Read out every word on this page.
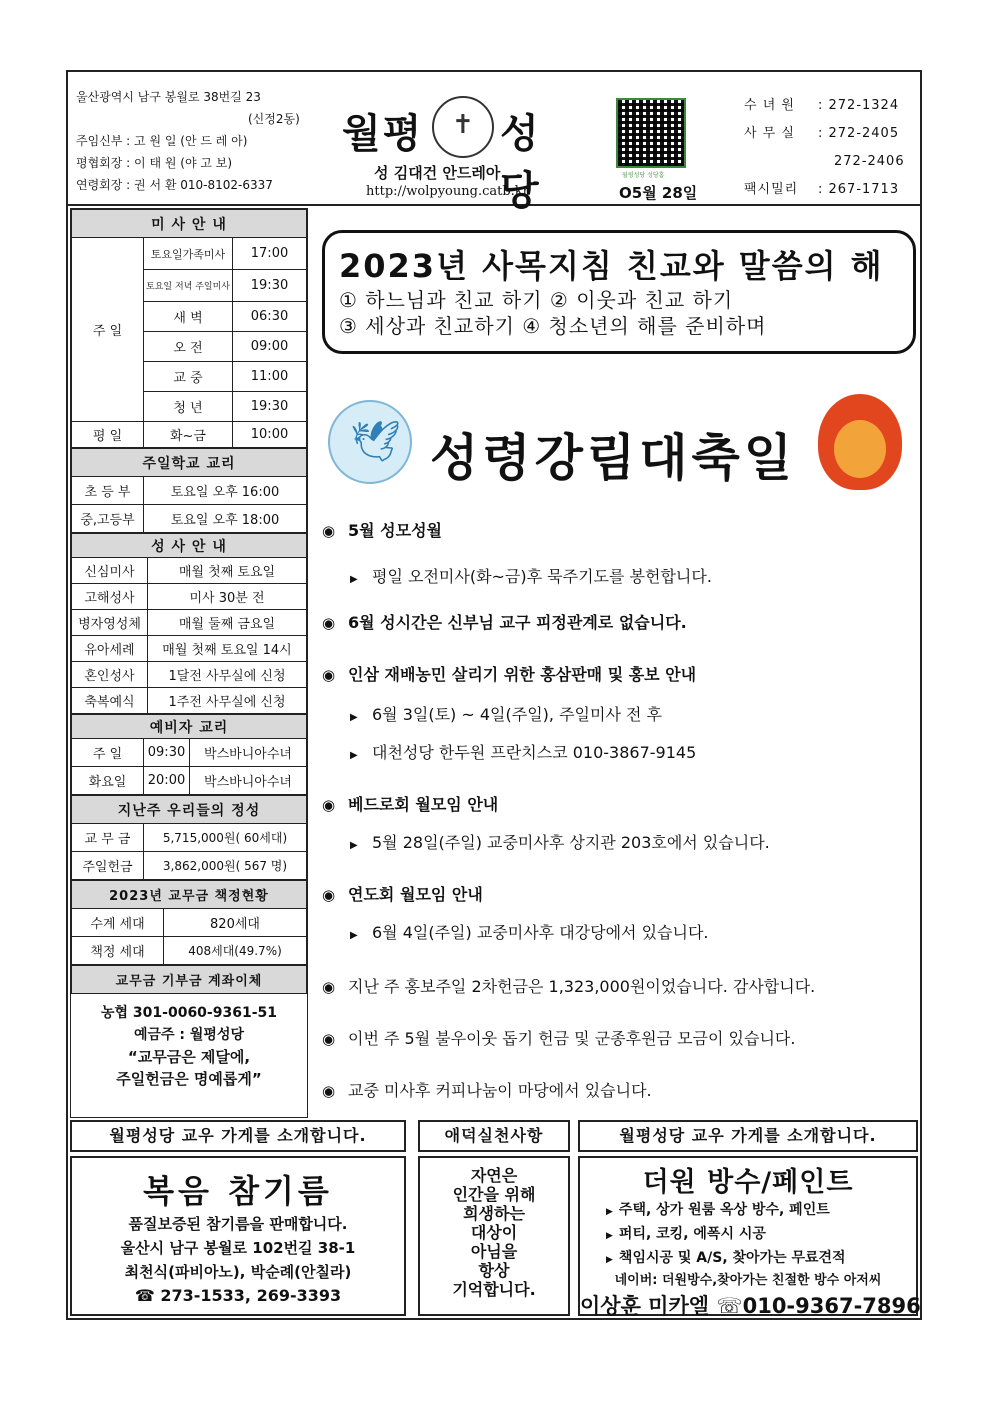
울산광역시 남구 봉월로 38번길 23
(신정2동)
주임신부 : 고 원 일 (안 드 레 아)
평협회장 : 이 태 원 (야 고 보)
연령회장 : 권 서 환 010-8102-6337
월평 성당
✝
성 김대건 안드레아
http://wolpyoung.catb.kr
월평성당 성당홈
O5월 28일
수 녀 원 : 272-1324
사 무 실 : 272-2405
272-2406
팩시밀리 : 267-1713
미 사 안 내		
주 일	토요일가족미사	17:00
	토요일 저녁 주일미사	19:30
	새 벽	06:30
	오 전	09:00
	교 중	11:00
	청 년	19:30
평 일	화~금	10:00
주일학교 교리	
초 등 부	토요일 오후 16:00
중,고등부	토요일 오후 18:00
성 사 안 내	
신심미사	매월 첫째 토요일
고해성사	미사 30분 전
병자영성체	매월 둘째 금요일
유아세례	매월 첫째 토요일 14시
혼인성사	1달전 사무실에 신청
축복예식	1주전 사무실에 신청
예비자 교리		
주 일	09:30	박스바니아수녀
화요일	20:00	박스바니아수녀
지난주 우리들의 정성	
교 무 금	5,715,000원( 60세대)
주일헌금	3,862,000원( 567 명)
2023년 교무금 책정현황	
수계 세대	820세대
책정 세대	408세대(49.7%)
교무금 기부금 계좌이체
농협 301-0060-9361-51
예금주 : 월평성당
“교무금은 제달에,
주일헌금은 명예롭게”
2023년 사목지침 친교와 말씀의 해
① 하느님과 친교 하기 ② 이웃과 친교 하기
③ 세상과 친교하기 ④ 청소년의 해를 준비하며
🕊
성령강림대축일
◉ 5월 성모성월
▶ 평일 오전미사(화~금)후 묵주기도를 봉헌합니다.
◉ 6월 성시간은 신부님 교구 피정관계로 없습니다.
◉ 인삼 재배농민 살리기 위한 홍삼판매 및 홍보 안내
▶ 6월 3일(토) ~ 4일(주일), 주일미사 전 후
▶ 대천성당 한두원 프란치스코 010-3867-9145
◉ 베드로회 월모임 안내
▶ 5월 28일(주일) 교중미사후 상지관 203호에서 있습니다.
◉ 연도회 월모임 안내
▶ 6월 4일(주일) 교중미사후 대강당에서 있습니다.
◉ 지난 주 홍보주일 2차헌금은 1,323,000원이었습니다. 감사합니다.
◉ 이번 주 5월 불우이웃 돕기 헌금 및 군종후원금 모금이 있습니다.
◉ 교중 미사후 커피나눔이 마당에서 있습니다.
월평성당 교우 가게를 소개합니다.
복음 참기름
품질보증된 참기름을 판매합니다.
울산시 남구 봉월로 102번길 38-1
최천식(파비아노), 박순례(안칠라)
☎ 273-1533, 269-3393
애덕실천사항
자연은
인간을 위해
희생하는
대상이
아님을
항상
기억합니다.
월평성당 교우 가게를 소개합니다.
더원 방수/페인트
▶ 주택, 상가 원룸 옥상 방수, 페인트
▶ 퍼티, 코킹, 에폭시 시공
▶ 책임시공 및 A/S, 찾아가는 무료견적
네이버: 더원방수,찾아가는 친절한 방수 아저씨
이상훈 미카엘 ☏010-9367-7896
